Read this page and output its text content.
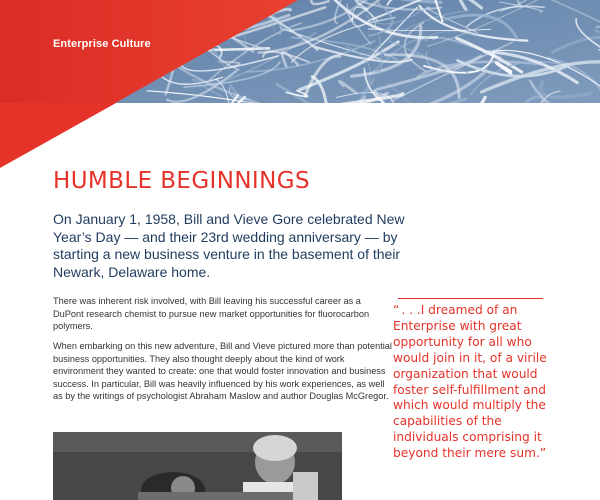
Enterprise Culture

HUMBLE BEGINNINGS

On January 1, 1958, Bill and Vieve Gore celebrated New Year’s Day — and their 23rd wedding anniversary — by starting a new business venture in the basement of their Newark, Delaware home.

There was inherent risk involved, with Bill leaving his successful career as a DuPont research chemist to pursue new market opportunities for fluorocarbon polymers.

When embarking on this new adventure, Bill and Vieve pictured more than potential business opportunities. They also thought deeply about the kind of work environment they wanted to create: one that would foster innovation and business success. In particular, Bill was heavily influenced by his work experiences, as well as by the writings of psychologist Abraham Maslow and author Douglas McGregor.

“ . . .I dreamed of an Enterprise with great opportunity for all who would join in it, of a virile organization that would foster self-fulfillment and which would multiply the capabilities of the individuals comprising it beyond their mere sum.”
